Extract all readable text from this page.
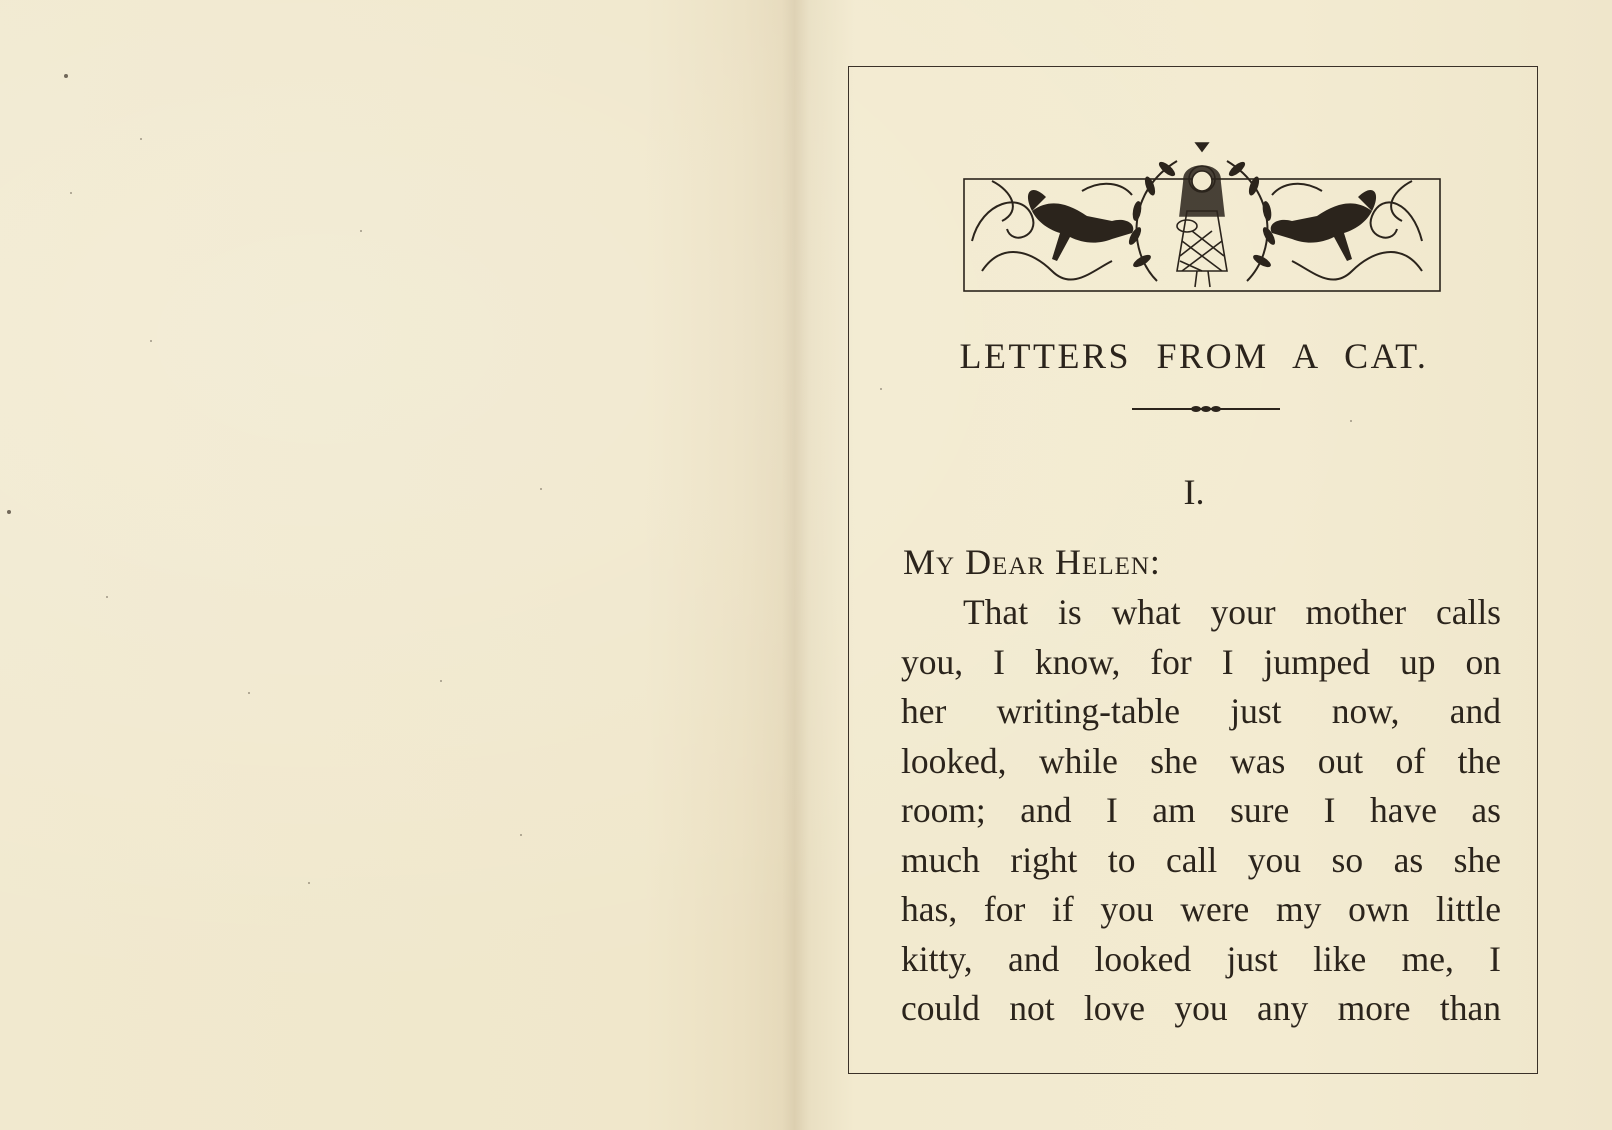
LETTERS FROM A CAT.
I.

My Dear Helen:

That is what your mother calls
you, I know, for I jumped up on
her writing-table just now, and
looked, while she was out of the
room; and I am sure I have as
much right to call you so as she
has, for if you were my own little
kitty, and looked just like me, I
could not love you any more than
